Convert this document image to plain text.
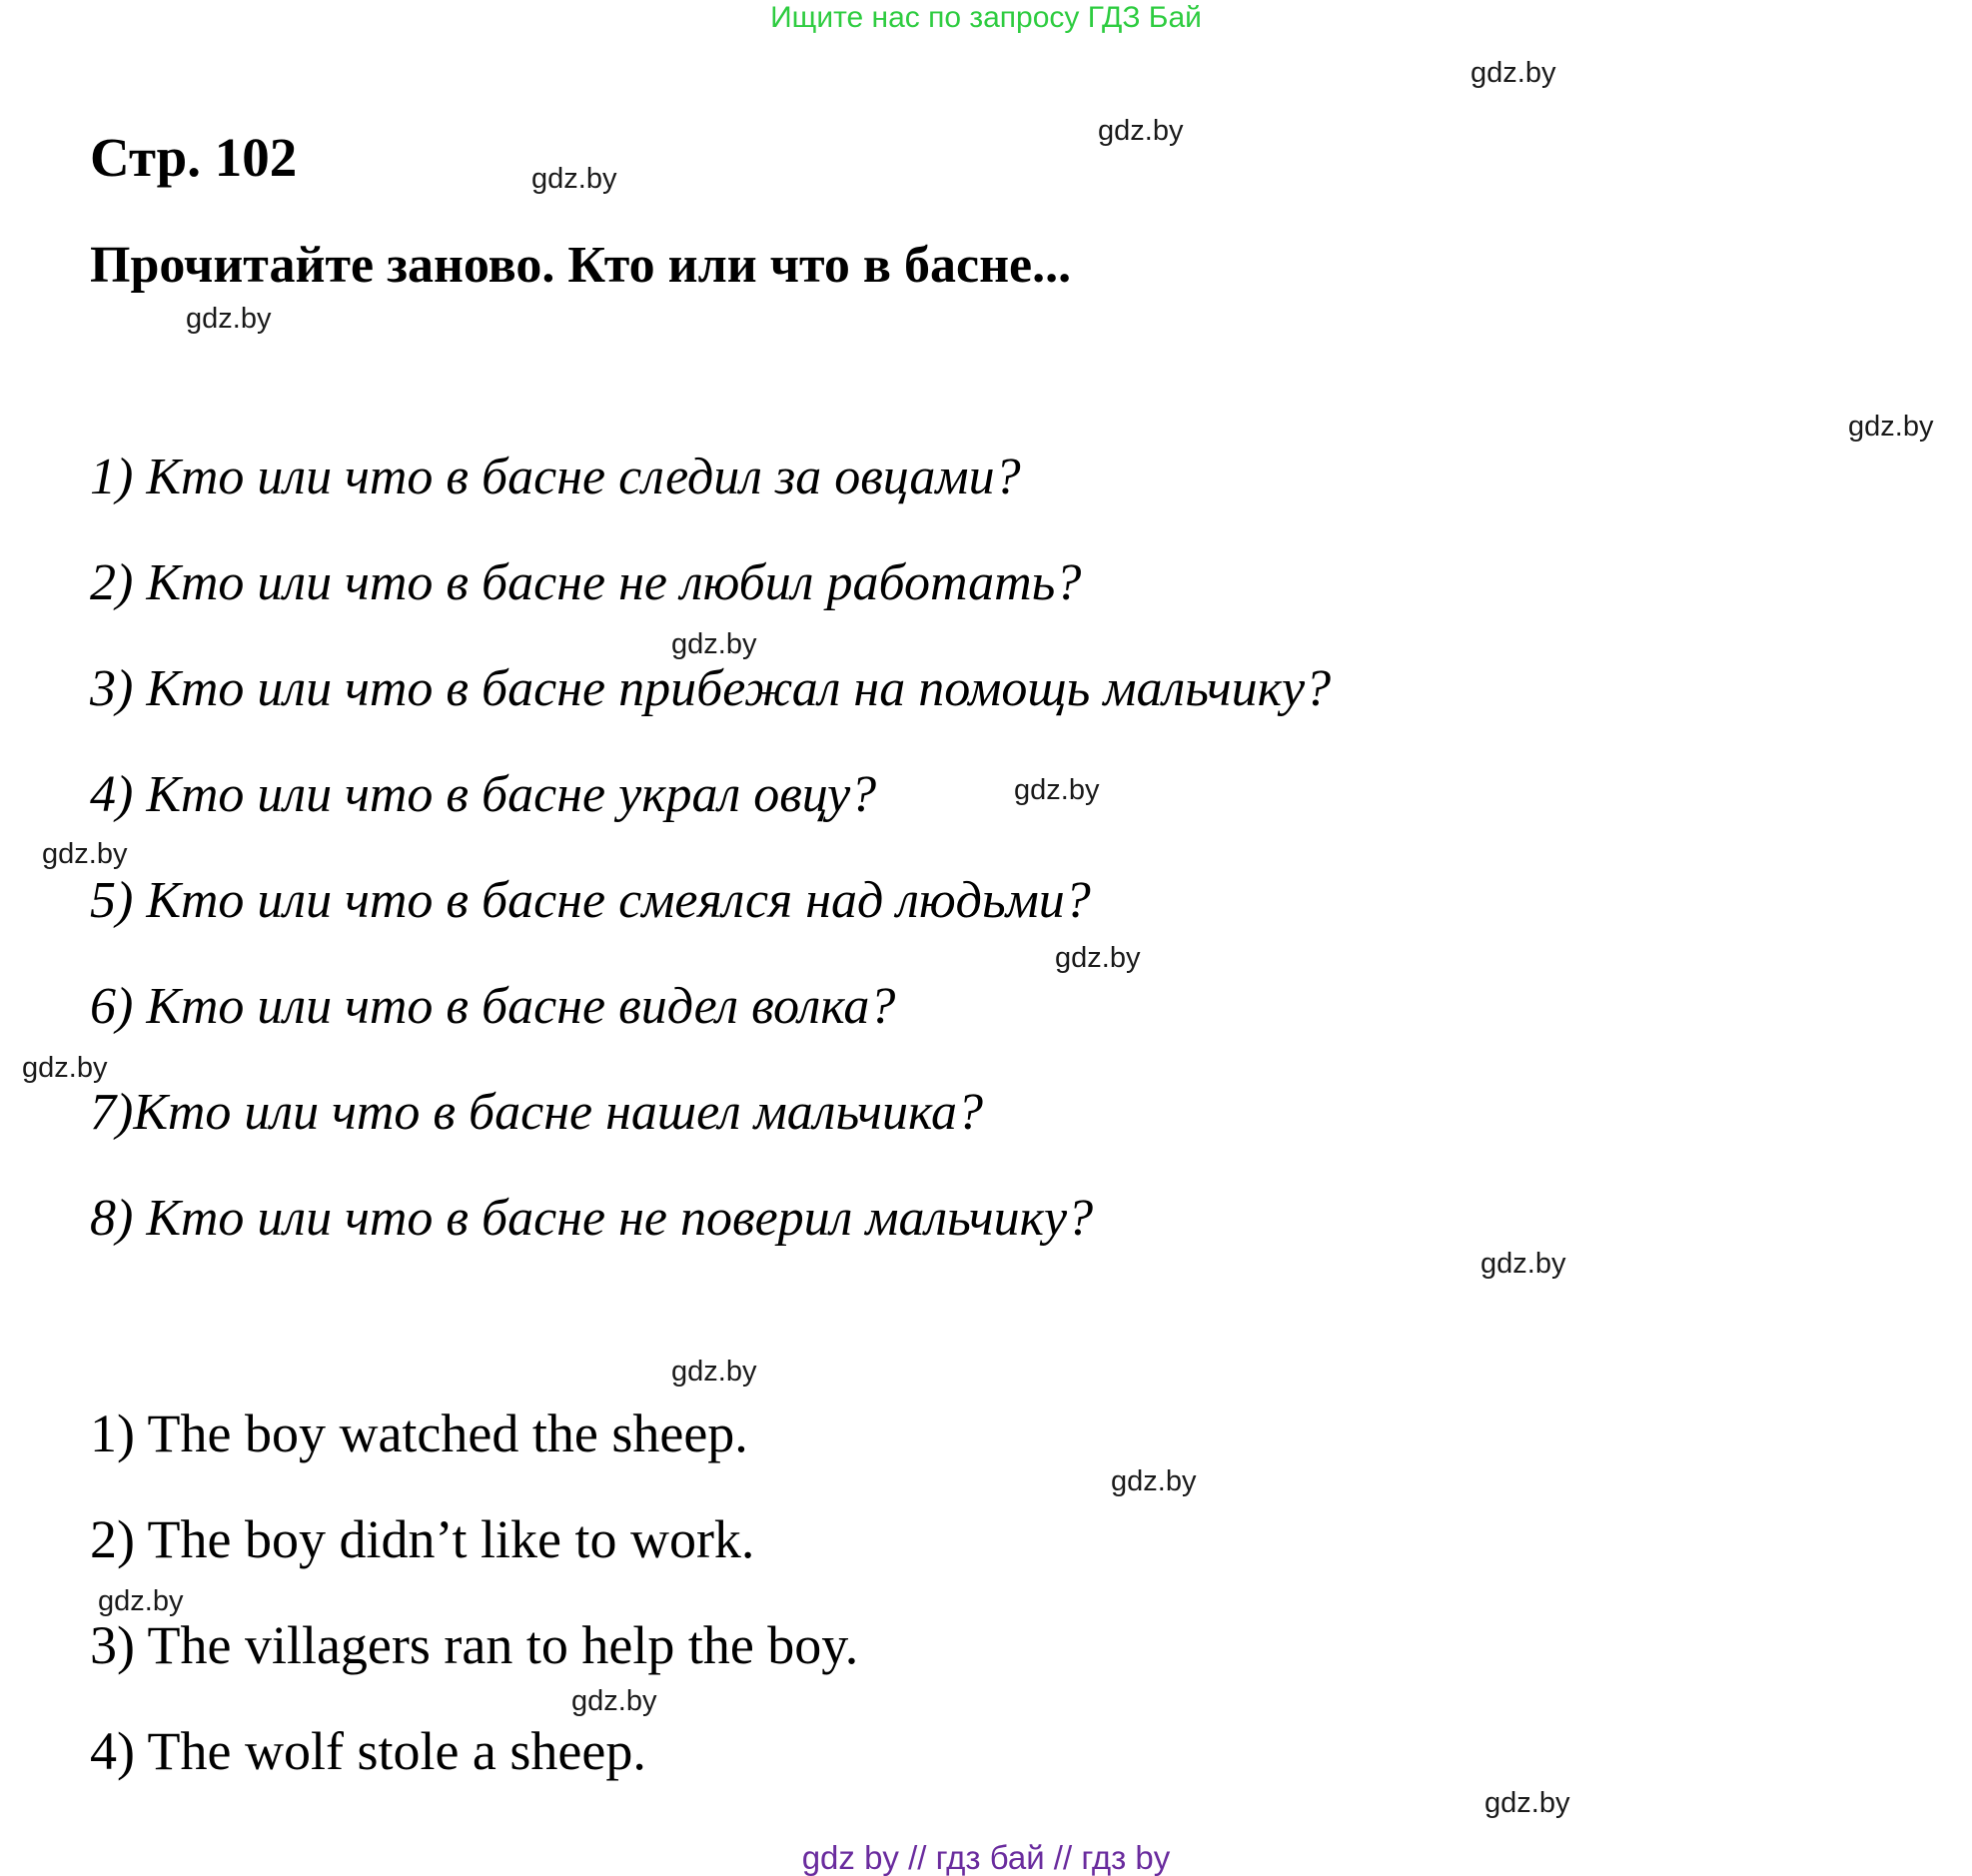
Ищите нас по запросу ГДЗ Бай
gdz.by
gdz.by
gdz.by
gdz.by
gdz.by
gdz.by
gdz.by
gdz.by
gdz.by
gdz.by
gdz.by
gdz.by
gdz.by
gdz.by
gdz.by
gdz.by
Стр. 102
Прочитайте заново. Кто или что в басне...
1) Кто или что в басне следил за овцами?
2) Кто или что в басне не любил работать?
3) Кто или что в басне прибежал на помощь мальчику?
4) Кто или что в басне украл овцу?
5) Кто или что в басне смеялся над людьми?
6) Кто или что в басне видел волка?
7)Кто или что в басне нашел мальчика?
8) Кто или что в басне не поверил мальчику?
1) The boy watched the sheep.
2) The boy didn’t like to work.
3) The villagers ran to help the boy.
4) The wolf stole a sheep.
gdz by // гдз бай // гдз by
